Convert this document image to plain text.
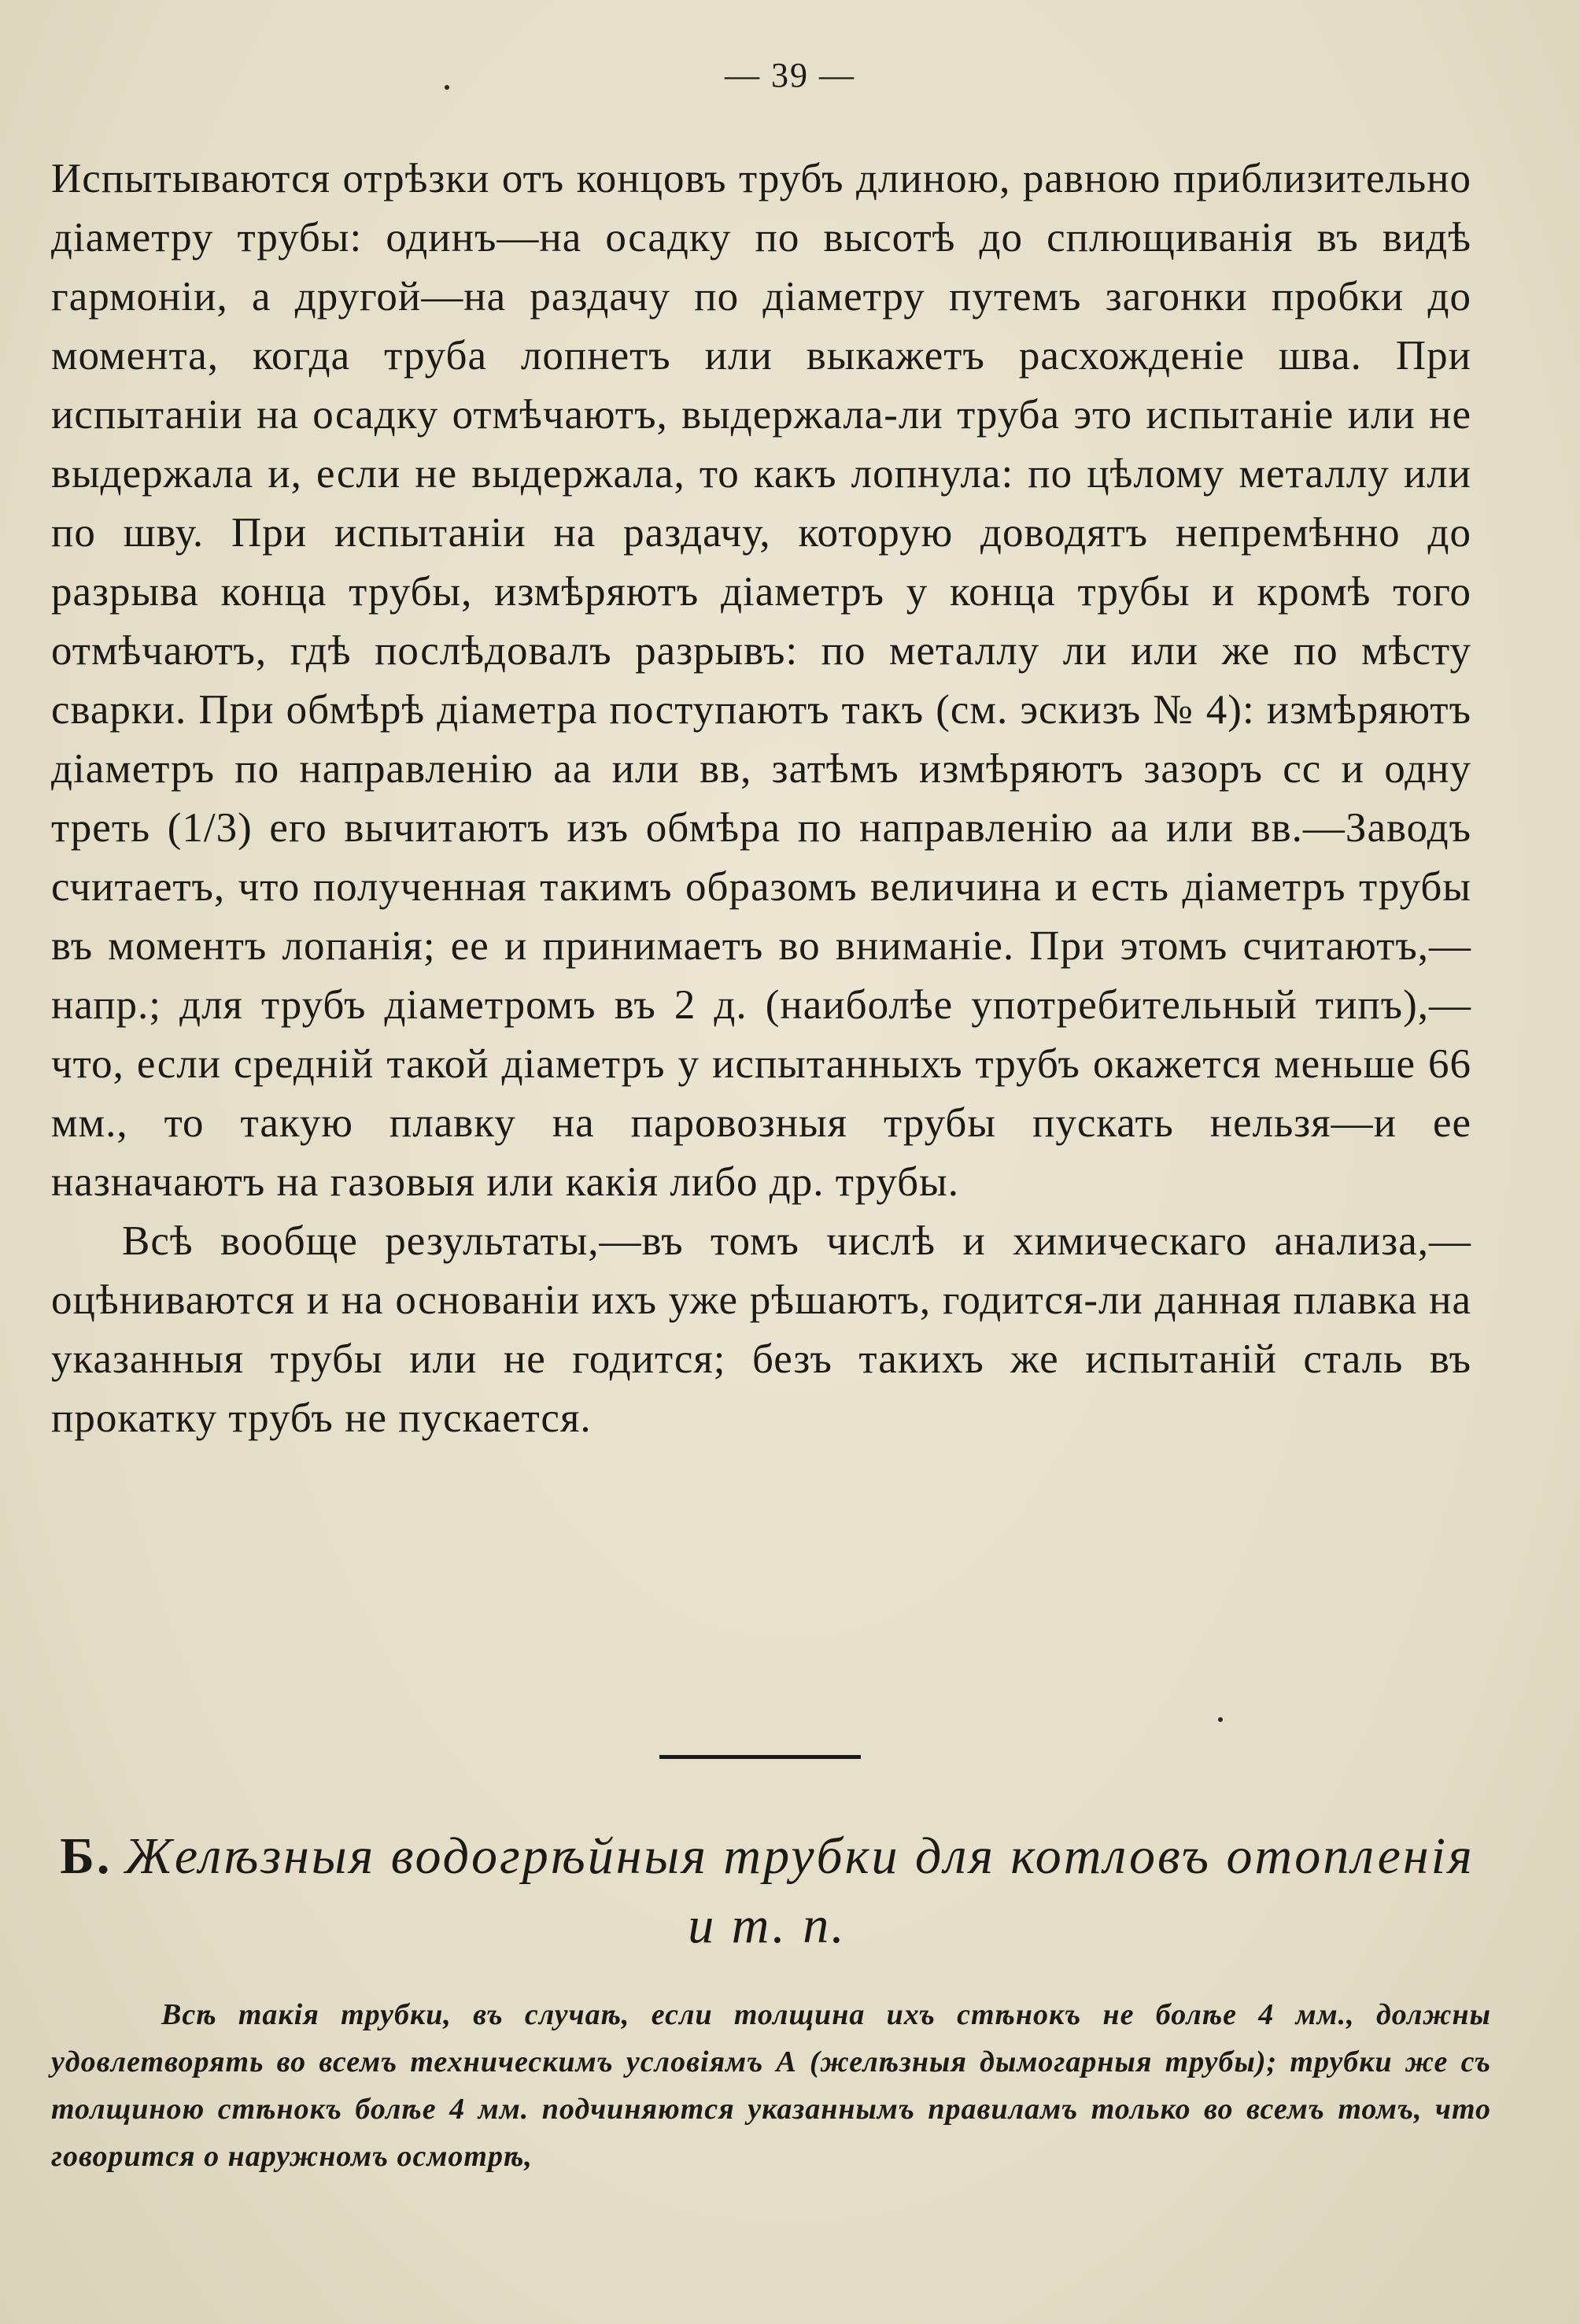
— 39 —

Испытываются отрѣзки отъ концовъ трубъ длиною, равною приблизительно діаметру трубы: одинъ—на осадку по высотѣ до сплющиванія въ видѣ гармоніи, а другой—на раздачу по діаметру путемъ загонки пробки до момента, когда труба лопнетъ или выкажетъ расхожденіе шва. При испытаніи на осадку отмѣчаютъ, выдержала-ли труба это испытаніе или не выдержала и, если не выдержала, то какъ лопнула: по цѣлому металлу или по шву. При испытаніи на раздачу, которую доводятъ непремѣнно до разрыва конца трубы, измѣряютъ діаметръ у конца трубы и кромѣ того отмѣчаютъ, гдѣ послѣдовалъ разрывъ: по металлу ли или же по мѣсту сварки. При обмѣрѣ діаметра поступаютъ такъ (см. эскизъ № 4): измѣряютъ діаметръ по направленію аа или вв, затѣмъ измѣряютъ зазоръ сс и одну треть (1/3) его вычитаютъ изъ обмѣра по направленію аа или вв.—Заводъ считаетъ, что полученная такимъ образомъ величина и есть діаметръ трубы въ моментъ лопанія; ее и принимаетъ во вниманіе. При этомъ считаютъ,—напр.; для трубъ діаметромъ въ 2 д. (наиболѣе употребительный типъ),—что, если средній такой діаметръ у испытанныхъ трубъ окажется меньше 66 мм., то такую плавку на паровозныя трубы пускать нельзя—и ее назначаютъ на газовыя или какія либо др. трубы.

Всѣ вообще результаты,—въ томъ числѣ и химическаго анализа,—оцѣниваются и на основаніи ихъ уже рѣшаютъ, годится-ли данная плавка на указанныя трубы или не годится; безъ такихъ же испытаній сталь въ прокатку трубъ не пускается.

Б. Желѣзныя водогрѣйныя трубки для котловъ отопленія и т. п.

Всѣ такія трубки, въ случаѣ, если толщина ихъ стѣнокъ не болѣе 4 мм., должны удовлетворять во всемъ техническимъ условіямъ А (желѣзныя дымогарныя трубы); трубки же съ толщиною стѣнокъ болѣе 4 мм. подчиняются указаннымъ правиламъ только во всемъ томъ, что говорится о наружномъ осмотрѣ,
